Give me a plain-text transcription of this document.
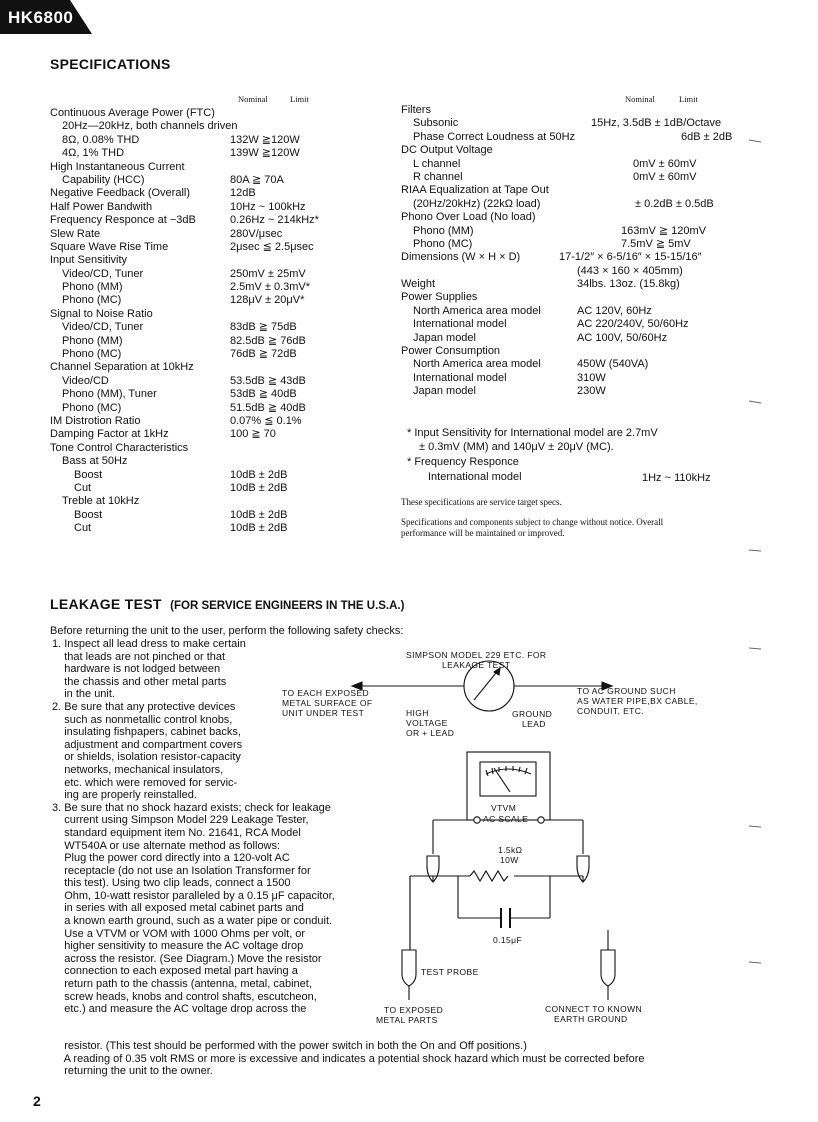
HK6800
SPECIFICATIONS
Nominal	Limit	Nominal	Limit
Continuous Average Power (FTC)
20Hz—20kHz, both channels driven
8Ω, 0.08% THD	132W ≧120W
4Ω, 1% THD	139W ≧120W
High Instantaneous Current
Capability (HCC)	80A ≧ 70A
Negative Feedback (Overall)	12dB
Half Power Bandwith	10Hz ~ 100kHz
Frequency Responce at −3dB	0.26Hz ~ 214kHz*
Slew Rate	280V/μsec
Square Wave Rise Time	2μsec ≦ 2.5μsec
Input Sensitivity
Video/CD, Tuner	250mV ± 25mV
Phono (MM)	2.5mV ± 0.3mV*
Phono (MC)	128μV ± 20μV*
Signal to Noise Ratio
Video/CD, Tuner	83dB ≧ 75dB
Phono (MM)	82.5dB ≧ 76dB
Phono (MC)	76dB ≧ 72dB
Channel Separation at 10kHz
Video/CD	53.5dB ≧ 43dB
Phono (MM), Tuner	53dB ≧ 40dB
Phono (MC)	51.5dB ≧ 40dB
IM Distrotion Ratio	0.07% ≦ 0.1%
Damping Factor at 1kHz	100 ≧ 70
Tone Control Characteristics
Bass at 50Hz
Boost	10dB ± 2dB
Cut	10dB ± 2dB
Treble at 10kHz
Boost	10dB ± 2dB
Cut	10dB ± 2dB
Filters
Subsonic	15Hz, 3.5dB ± 1dB/Octave
Phase Correct Loudness at 50Hz	6dB ± 2dB
DC Output Voltage
L channel	0mV ± 60mV
R channel	0mV ± 60mV
RIAA Equalization at Tape Out
(20Hz/20kHz) (22kΩ load)	± 0.2dB ± 0.5dB
Phono Over Load (No load)
Phono (MM)	163mV ≧ 120mV
Phono (MC)	7.5mV ≧ 5mV
Dimensions (W × H × D)	17-1/2″ × 6-5/16″ × 15-15/16″
(443 × 160 × 405mm)
Weight	34lbs. 13oz. (15.8kg)
Power Supplies
North America area model	AC 120V, 60Hz
International model	AC 220/240V, 50/60Hz
Japan model	AC 100V, 50/60Hz
Power Consumption
North America area model	450W (540VA)
International model	310W
Japan model	230W
* Input Sensitivity for International model are 2.7mV
± 0.3mV (MM) and 140μV ± 20μV (MC).
* Frequency Responce
International model	1Hz ~ 110kHz
These specifications are service target specs.
Specifications and components subject to change without notice. Overall
performance will be maintained or improved.
LEAKAGE TEST (FOR SERVICE ENGINEERS IN THE U.S.A.)
Before returning the unit to the user, perform the following safety checks:
1. Inspect all lead dress to make certain
that leads are not pinched or that
hardware is not lodged between
the chassis and other metal parts
in the unit.
2. Be sure that any protective devices
such as nonmetallic control knobs,
insulating fishpapers, cabinet backs,
adjustment and compartment covers
or shields, isolation resistor-capacity
networks, mechanical insulators,
etc. which were removed for servic-
ing are properly reinstalled.
3. Be sure that no shock hazard exists; check for leakage
current using Simpson Model 229 Leakage Tester,
standard equipment item No. 21641, RCA Model
WT540A or use alternate method as follows:
Plug the power cord directly into a 120-volt AC
receptacle (do not use an Isolation Transformer for
this test). Using two clip leads, connect a 1500
Ohm, 10-watt resistor paralleled by a 0.15 μF capacitor,
in series with all exposed metal cabinet parts and
a known earth ground, such as a water pipe or conduit.
Use a VTVM or VOM with 1000 Ohms per volt, or
higher sensitivity to measure the AC voltage drop
across the resistor. (See Diagram.) Move the resistor
connection to each exposed metal part having a
return path to the chassis (antenna, metal, cabinet,
screw heads, knobs and control shafts, escutcheon,
etc.) and measure the AC voltage drop across the
resistor. (This test should be performed with the power switch in both the On and Off positions.)
A reading of 0.35 volt RMS or more is excessive and indicates a potential shock hazard which must be corrected before
returning the unit to the owner.
SIMPSON MODEL 229 ETC. FOR
LEAKAGE TEST
TO EACH EXPOSED
METAL SURFACE OF
UNIT UNDER TEST
TO AC GROUND SUCH
AS WATER PIPE,BX CABLE,
CONDUIT, ETC.
HIGH
VOLTAGE
OR + LEAD
GROUND
LEAD
VTVM
AC SCALE
1.5kΩ
10W
0.15μF
TEST PROBE
TO EXPOSED
METAL PARTS
CONNECT TO KNOWN
EARTH GROUND
2
